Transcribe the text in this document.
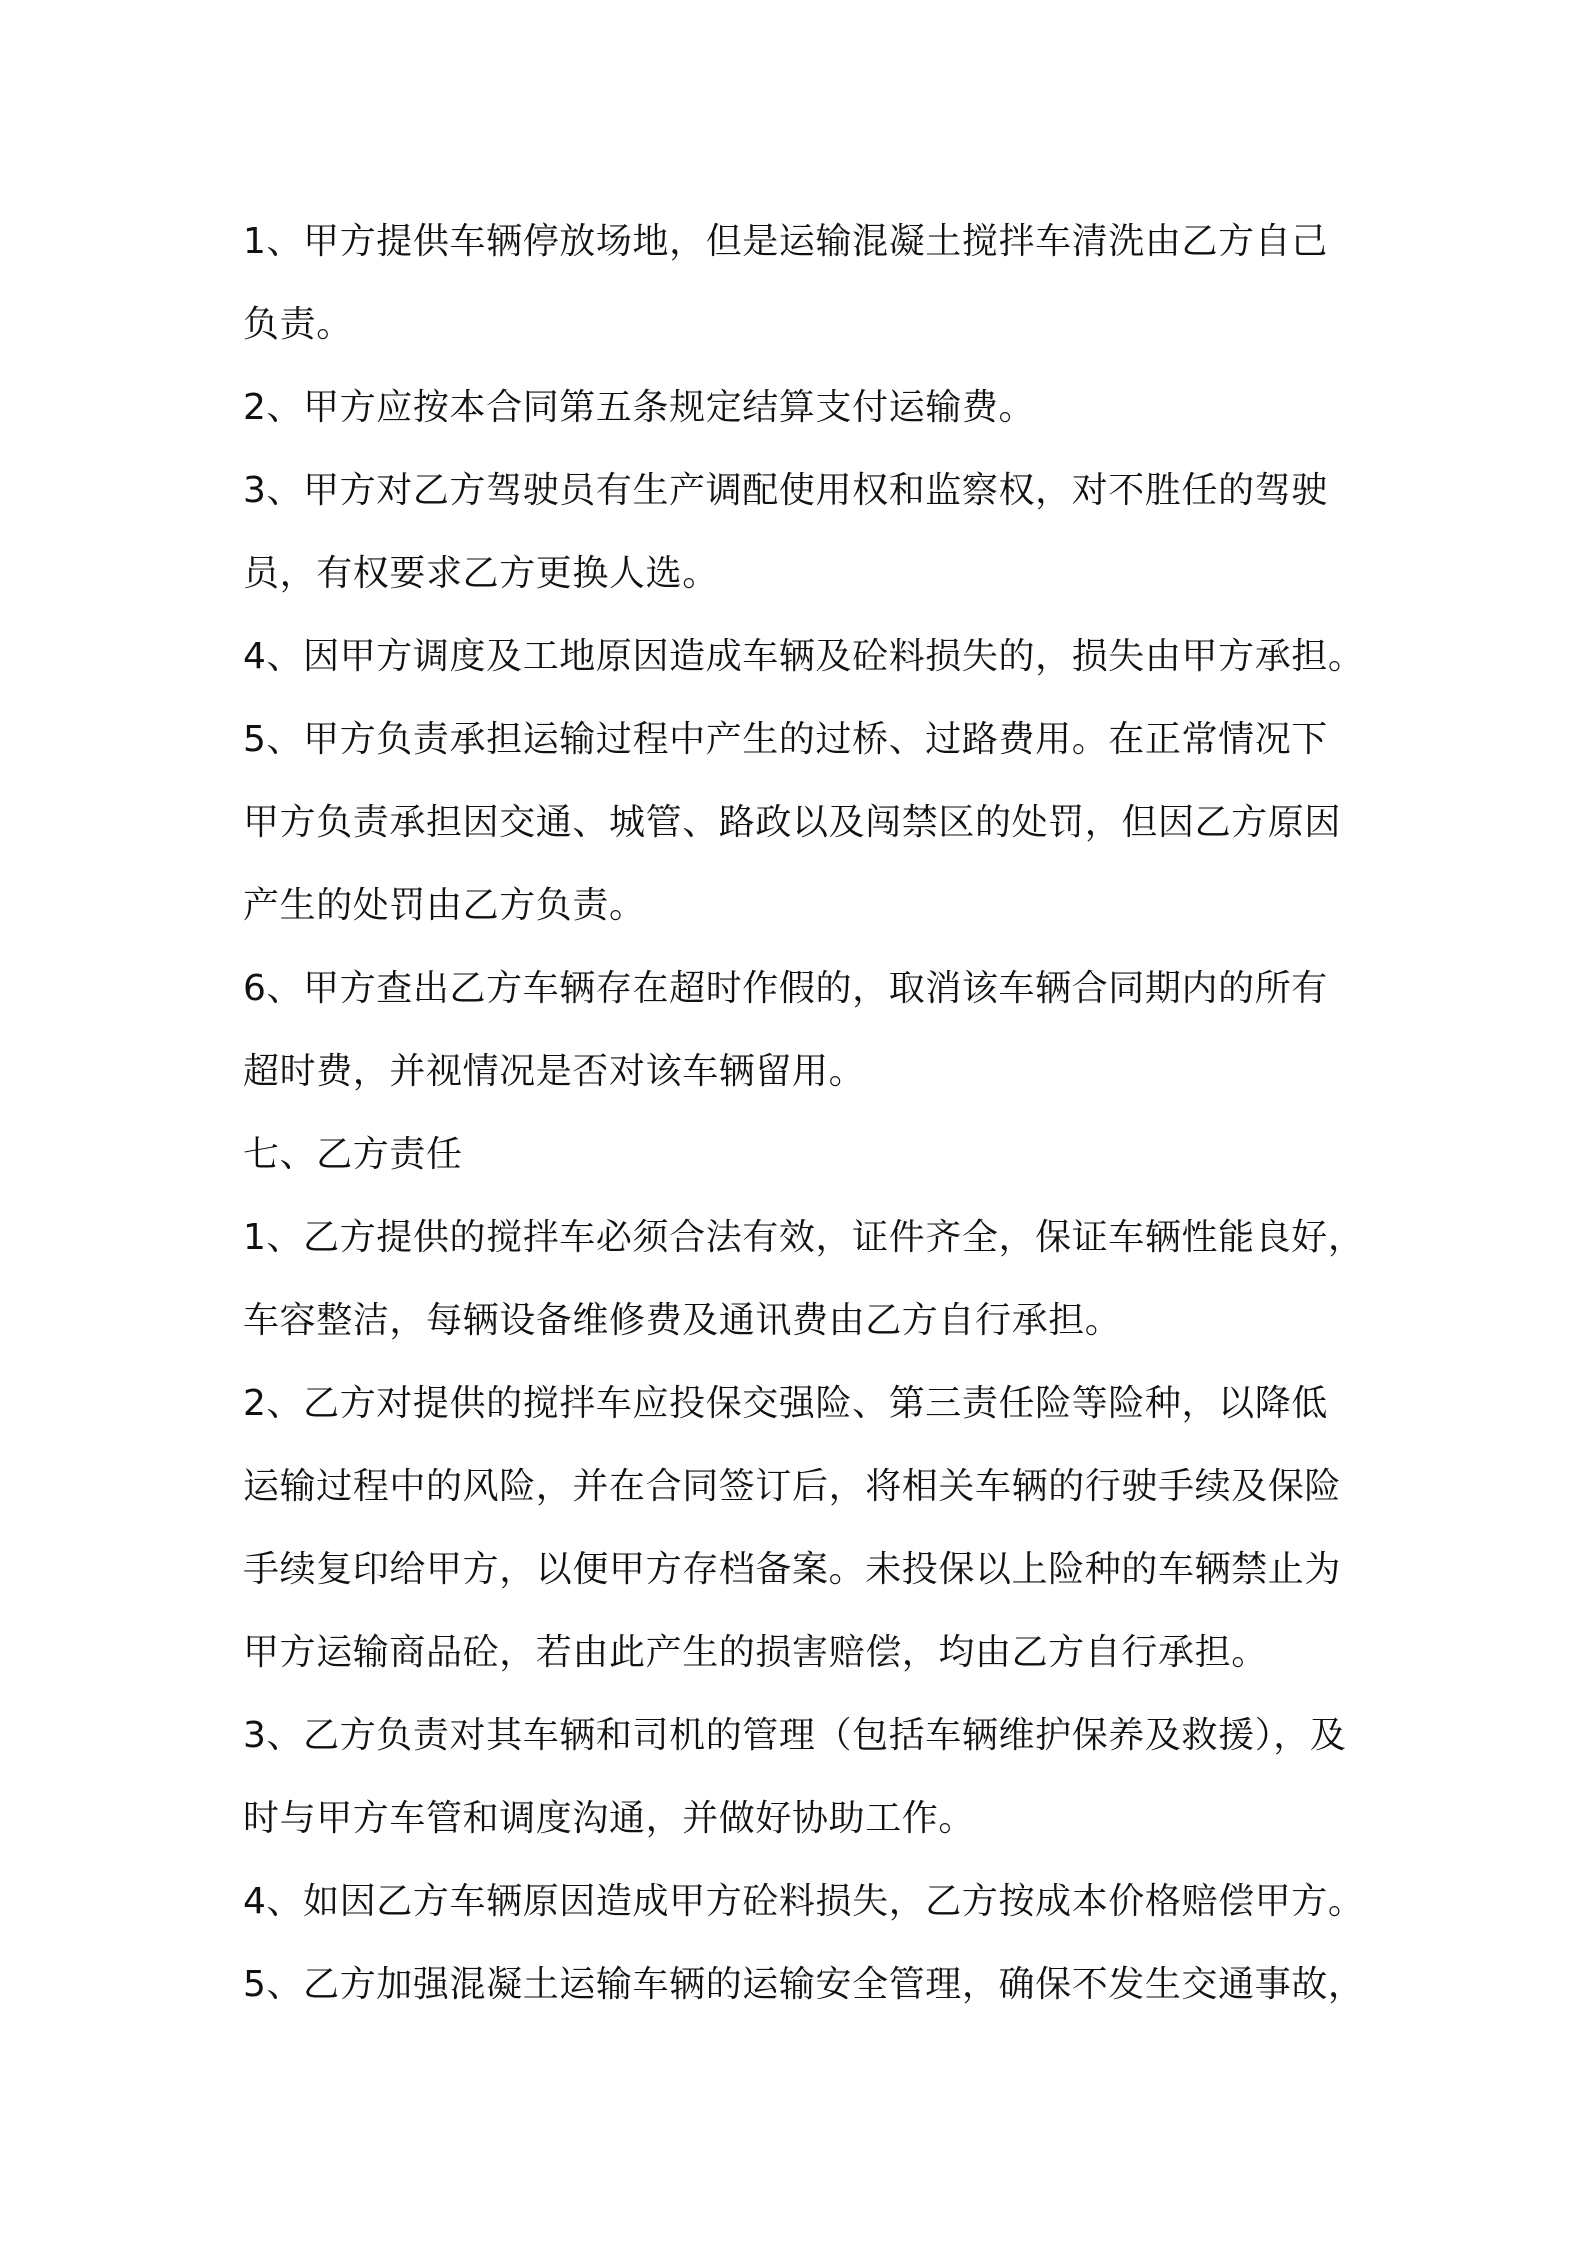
1、甲方提供车辆停放场地，但是运输混凝土搅拌车清洗由乙方自己
负责。
2、甲方应按本合同第五条规定结算支付运输费。
3、甲方对乙方驾驶员有生产调配使用权和监察权，对不胜任的驾驶
员，有权要求乙方更换人选。
4、因甲方调度及工地原因造成车辆及砼料损失的，损失由甲方承担。
5、甲方负责承担运输过程中产生的过桥、过路费用。在正常情况下
甲方负责承担因交通、城管、路政以及闯禁区的处罚，但因乙方原因
产生的处罚由乙方负责。
6、甲方查出乙方车辆存在超时作假的，取消该车辆合同期内的所有
超时费，并视情况是否对该车辆留用。
七、乙方责任
1、乙方提供的搅拌车必须合法有效，证件齐全，保证车辆性能良好，
车容整洁，每辆设备维修费及通讯费由乙方自行承担。
2、乙方对提供的搅拌车应投保交强险、第三责任险等险种，以降低
运输过程中的风险，并在合同签订后，将相关车辆的行驶手续及保险
手续复印给甲方，以便甲方存档备案。未投保以上险种的车辆禁止为
甲方运输商品砼，若由此产生的损害赔偿，均由乙方自行承担。
3、乙方负责对其车辆和司机的管理（包括车辆维护保养及救援），及
时与甲方车管和调度沟通，并做好协助工作。
4、如因乙方车辆原因造成甲方砼料损失，乙方按成本价格赔偿甲方。
5、乙方加强混凝土运输车辆的运输安全管理，确保不发生交通事故，
